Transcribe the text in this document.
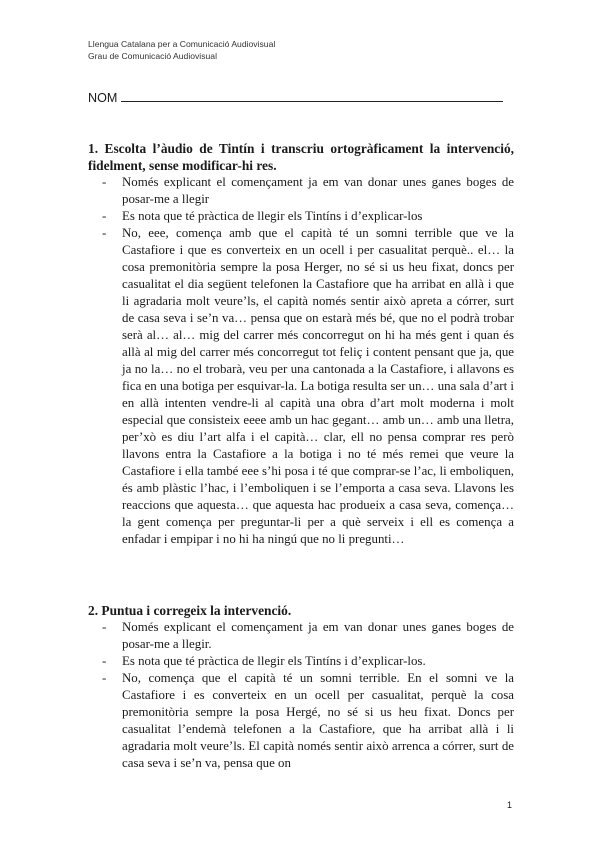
Llengua Catalana per a Comunicació Audiovisual
Grau de Comunicació Audiovisual
NOM
1. Escolta l’àudio de Tintín i transcriu ortogràficament la intervenció, fidelment, sense modificar-hi res.
- Només explicant el començament ja em van donar unes ganes boges de posar-me a llegir
- Es nota que té pràctica de llegir els Tintíns i d’explicar-los
- No, eee, comença amb que el capità té un somni terrible que ve la Castafiore i que es converteix en un ocell i per casualitat perquè.. el… la cosa premonitòria sempre la posa Herger, no sé si us heu fixat, doncs per casualitat el dia següent telefonen la Castafiore que ha arribat en allà i que li agradaria molt veure’ls, el capità només sentir això apreta a córrer, surt de casa seva i se’n va… pensa que on estarà més bé, que no el podrà trobar serà al… al… mig del carrer més concorregut on hi ha més gent i quan és allà al mig del carrer més concorregut tot feliç i content pensant que ja, que ja no la… no el trobarà, veu per una cantonada a la Castafiore, i allavons es fica en una botiga per esquivar-la. La botiga resulta ser un… una sala d’art i en allà intenten vendre-li al capità una obra d’art molt moderna i molt especial que consisteix eeee amb un hac gegant… amb un… amb una lletra, per’xò es diu l’art alfa i el capità… clar, ell no pensa comprar res però llavons entra la Castafiore a la botiga i no té més remei que veure la Castafiore i ella també eee s’hi posa i té que comprar-se l’ac, li emboliquen, és amb plàstic l’hac, i l’emboliquen i se l’emporta a casa seva. Llavons les reaccions que aquesta… que aquesta hac produeix a casa seva, comença… la gent comença per preguntar-li per a què serveix i ell es comença a enfadar i empipar i no hi ha ningú que no li pregunti…
2. Puntua i corregeix la intervenció.
- Només explicant el començament ja em van donar unes ganes boges de posar-me a llegir.
- Es nota que té pràctica de llegir els Tintíns i d’explicar-los.
- No, comença que el capità té un somni terrible. En el somni ve la Castafiore i es converteix en un ocell per casualitat, perquè la cosa premonitòria sempre la posa Hergé, no sé si us heu fixat. Doncs per casualitat l’endemà telefonen a la Castafiore, que ha arribat allà i li agradaria molt veure’ls. El capità només sentir això arrenca a córrer, surt de casa seva i se’n va, pensa que on
1
